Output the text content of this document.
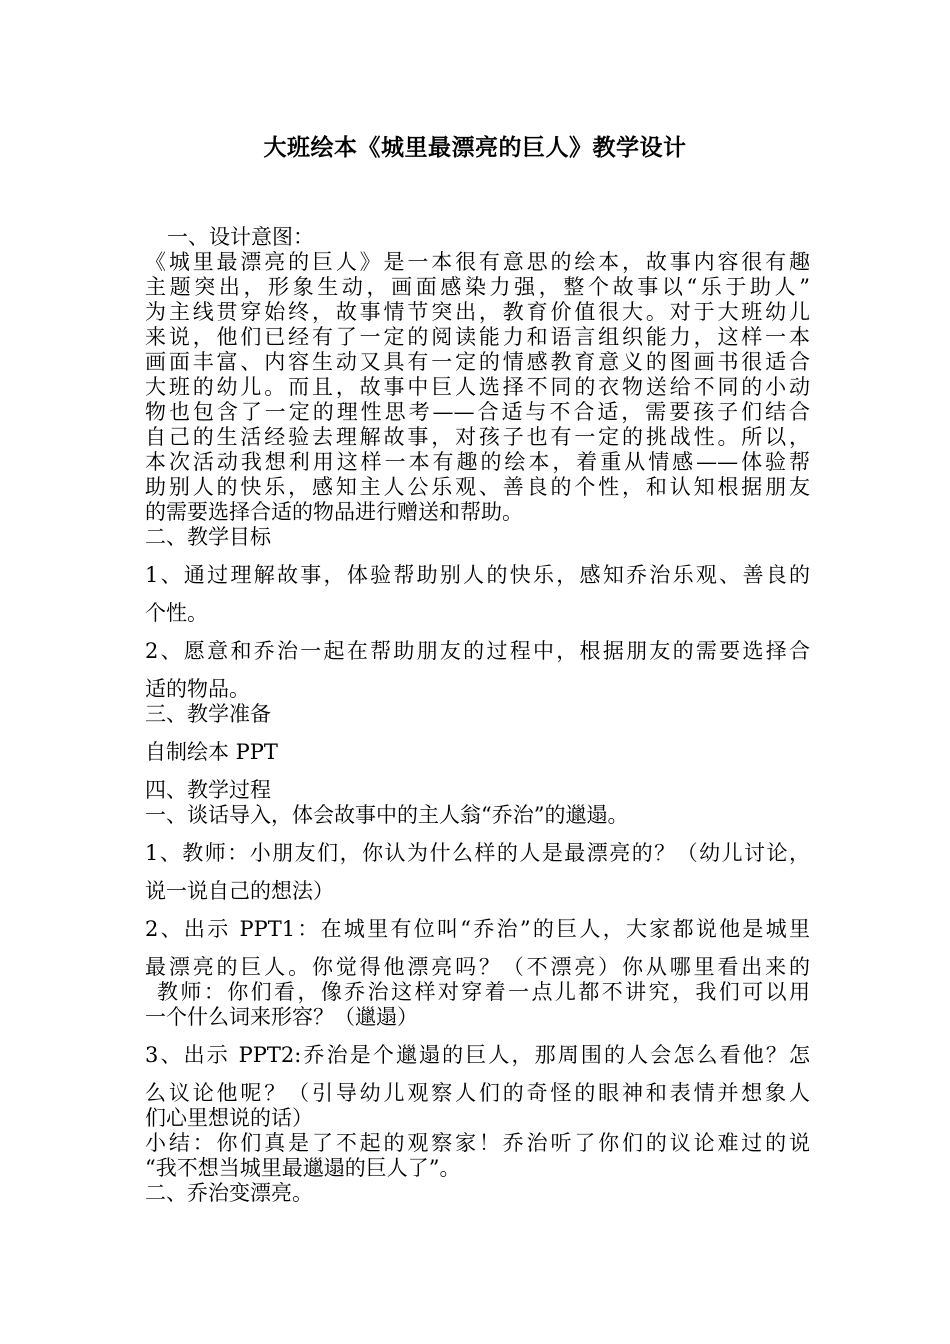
大班绘本《城里最漂亮的巨人》教学设计
一、设计意图：
《城里最漂亮的巨人》是一本很有意思的绘本，故事内容很有趣
主题突出，形象生动，画面感染力强，整个故事以“乐于助人”
为主线贯穿始终，故事情节突出，教育价值很大。对于大班幼儿
来说，他们已经有了一定的阅读能力和语言组织能力，这样一本
画面丰富、内容生动又具有一定的情感教育意义的图画书很适合
大班的幼儿。而且，故事中巨人选择不同的衣物送给不同的小动
物也包含了一定的理性思考——合适与不合适，需要孩子们结合
自己的生活经验去理解故事，对孩子也有一定的挑战性。所以，
本次活动我想利用这样一本有趣的绘本，着重从情感——体验帮
助别人的快乐，感知主人公乐观、善良的个性，和认知根据朋友
的需要选择合适的物品进行赠送和帮助。
二、教学目标
1、通过理解故事，体验帮助别人的快乐，感知乔治乐观、善良的
个性。
2、愿意和乔治一起在帮助朋友的过程中，根据朋友的需要选择合
适的物品。
三、教学准备
自制绘本 PPT
四、教学过程
一、谈话导入，体会故事中的主人翁“乔治”的邋遢。
1、教师：小朋友们，你认为什么样的人是最漂亮的？（幼儿讨论，
说一说自己的想法）
2、出示 PPT1：在城里有位叫“乔治”的巨人，大家都说他是城里
最漂亮的巨人。你觉得他漂亮吗？（不漂亮）你从哪里看出来的
教师：你们看，像乔治这样对穿着一点儿都不讲究，我们可以用
一个什么词来形容？（邋遢）
3、出示 PPT2:乔治是个邋遢的巨人，那周围的人会怎么看他？怎
么议论他呢？（引导幼儿观察人们的奇怪的眼神和表情并想象人
们心里想说的话）
小结：你们真是了不起的观察家！乔治听了你们的议论难过的说
“我不想当城里最邋遢的巨人了”。
二、乔治变漂亮。
